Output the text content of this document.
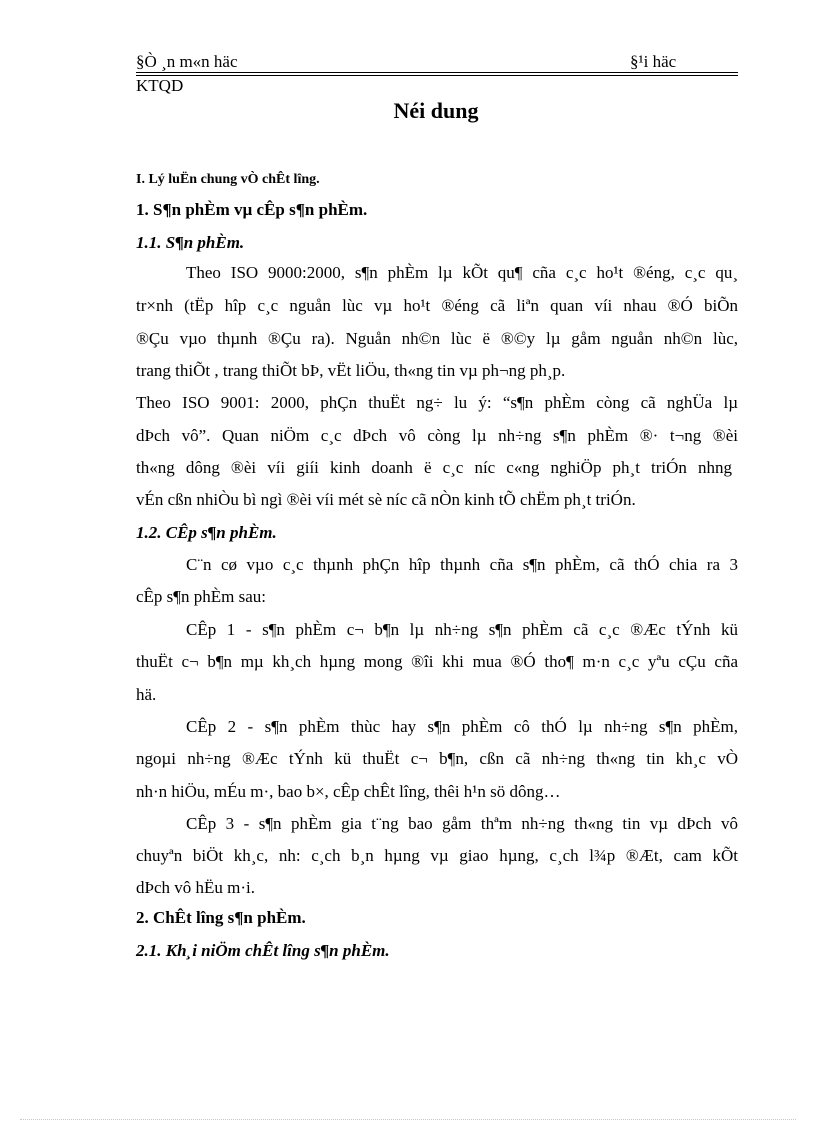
§Ò ¸n m«n häc	§¹i häc
KTQD
Néi dung
I. Lý luËn chung vÒ chÊt lîng.
1. S¶n phÈm vµ cÊp s¶n phÈm.
1.1. S¶n phÈm.
Theo ISO 9000:2000, s¶n phÈm lµ kÕt qu¶ cña c¸c ho¹t ®éng, c¸c qu¸
tr×nh (tËp hîp c¸c nguån lùc vµ ho¹t ®éng cã liªn quan víi nhau ®Ó biÕn
®Çu vµo thµnh ®Çu ra). Nguån nh©n lùc ë ®©y lµ gåm nguån nh©n lùc,
trang thiÕt , trang thiÕt bÞ, vËt liÖu, th«ng tin vµ ph¬ng ph¸p.
Theo ISO 9001: 2000, phÇn thuËt ng÷ lu ý: “s¶n phÈm còng cã nghÜa lµ
dÞch vô”. Quan niÖm c¸c dÞch vô còng lµ nh÷ng s¶n phÈm ®· t¬ng ®èi
th«ng dông ®èi víi giíi kinh doanh ë c¸c níc c«ng nghiÖp ph¸t triÓn nhng
vÉn cßn nhiÒu bì ngì ®èi víi mét sè níc cã nÒn kinh tÕ chËm ph¸t triÓn.
1.2. CÊp s¶n phÈm.
C¨n cø vµo c¸c thµnh phÇn hîp thµnh cña s¶n phÈm, cã thÓ chia ra 3
cÊp s¶n phÈm sau:
CÊp 1 - s¶n phÈm c¬ b¶n lµ nh÷ng s¶n phÈm cã c¸c ®Æc tÝnh kü
thuËt c¬ b¶n mµ kh¸ch hµng mong ®îi khi mua ®Ó tho¶ m·n c¸c yªu cÇu cña
hä.
CÊp 2 - s¶n phÈm thùc hay s¶n phÈm cô thÓ lµ nh÷ng s¶n phÈm,
ngoµi nh÷ng ®Æc tÝnh kü thuËt c¬ b¶n, cßn cã nh÷ng th«ng tin kh¸c vÒ
nh·n hiÖu, mÉu m·, bao b×, cÊp chÊt lîng, thêi h¹n sö dông…
CÊp 3 - s¶n phÈm gia t¨ng bao gåm thªm nh÷ng th«ng tin vµ dÞch vô
chuyªn biÖt kh¸c, nh: c¸ch b¸n hµng vµ giao hµng, c¸ch l¾p ®Æt, cam kÕt
dÞch vô hËu m·i.
2. ChÊt lîng s¶n phÈm.
2.1. Kh¸i niÖm chÊt lîng s¶n phÈm.
